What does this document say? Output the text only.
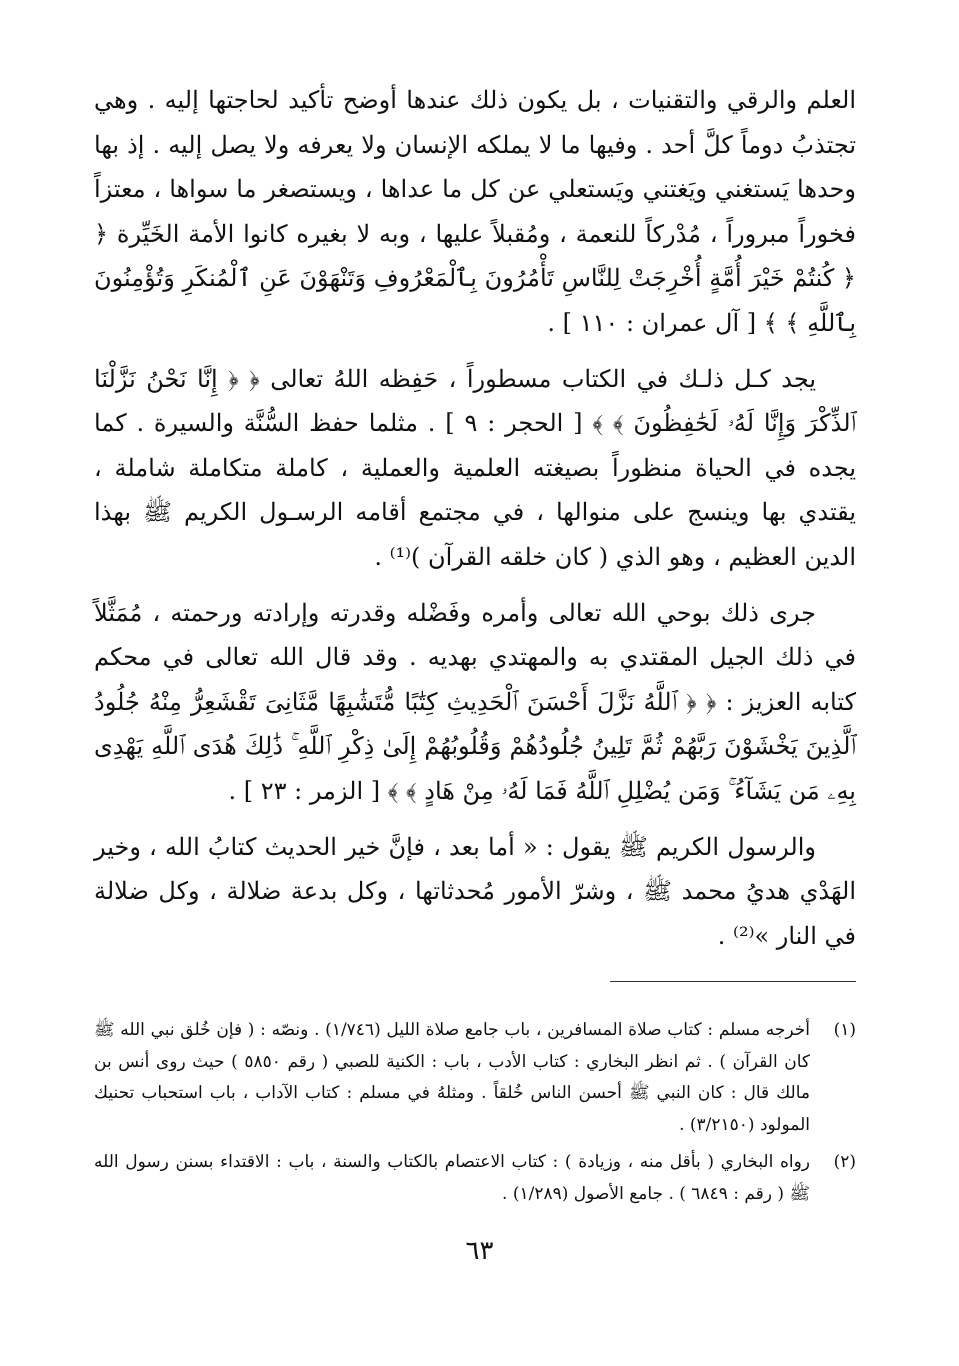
العلم والرقي والتقنيات ، بل يكون ذلك عندها أوضح تأكيد لحاجتها إليه . وهي تجتذبُ دوماً كلَّ أحد . وفيها ما لا يملكه الإنسان ولا يعرفه ولا يصل إليه . إذ بها وحدها يَستغني ويَغتني ويَستعلي عن كل ما عداها ، ويستصغر ما سواها ، معتزاً فخوراً مبروراً ، مُدْركاً للنعمة ، ومُقبلاً عليها ، وبه لا بغيره كانوا الأمة الخَيِّرة ﴿ ﴿ كُنتُمْ خَيْرَ أُمَّةٍ أُخْرِجَتْ لِلنَّاسِ تَأْمُرُونَ بِٱلْمَعْرُوفِ وَتَنْهَوْنَ عَنِ ٱلْمُنكَرِ وَتُؤْمِنُونَ بِٱللَّهِ ﴾ ﴾ [ آل عمران : ١١٠ ] .

يجد كـل ذلـك في الكتاب مسطوراً ، حَفِظه اللهُ تعالى ﴿ ﴿ إِنَّا نَحْنُ نَزَّلْنَا ٱلذِّكْرَ وَإِنَّا لَهُۥ لَحَٰفِظُونَ ﴾ ﴾ [ الحجر : ٩ ] . مثلما حفظ السُّنَّة والسيرة . كما يجده في الحياة منظوراً بصيغته العلمية والعملية ، كاملة متكاملة شاملة ، يقتدي بها وينسج على منوالها ، في مجتمع أقامه الرسـول الكريم ﷺ بهذا الدين العظيم ، وهو الذي ( كان خلقه القرآن )⁽¹⁾ .

جرى ذلك بوحي الله تعالى وأمره وفَضْله وقدرته وإرادته ورحمته ، مُمَثَّلاً في ذلك الجيل المقتدي به والمهتدي بهديه . وقد قال الله تعالى في محكم كتابه العزيز : ﴿ ﴿ ٱللَّهُ نَزَّلَ أَحْسَنَ ٱلْحَدِيثِ كِتَٰبًا مُّتَشَٰبِهًا مَّثَانِىَ تَقْشَعِرُّ مِنْهُ جُلُودُ ٱلَّذِينَ يَخْشَوْنَ رَبَّهُمْ ثُمَّ تَلِينُ جُلُودُهُمْ وَقُلُوبُهُمْ إِلَىٰ ذِكْرِ ٱللَّهِ ۚ ذَٰلِكَ هُدَى ٱللَّهِ يَهْدِى بِهِۦ مَن يَشَآءُ ۚ وَمَن يُضْلِلِ ٱللَّهُ فَمَا لَهُۥ مِنْ هَادٍ ﴾ ﴾ [ الزمر : ٢٣ ] .

والرسول الكريم ﷺ يقول : « أما بعد ، فإنَّ خير الحديث كتابُ الله ، وخير الهَدْي هديُ محمد ﷺ ، وشرّ الأمور مُحدثاتها ، وكل بدعة ضلالة ، وكل ضلالة في النار »⁽²⁾ .

(١)
أخرجه مسلم : كتاب صلاة المسافرين ، باب جامع صلاة الليل (١/٧٤٦) . ونصّه : ( فإن خُلق نبي الله ﷺ كان القرآن ) . ثم انظر البخاري : كتاب الأدب ، باب : الكنية للصبي ( رقم ٥٨٥٠ ) حيث روى أنس بن مالك قال : كان النبي ﷺ أحسن الناس خُلقاً . ومثلهُ في مسلم : كتاب الآداب ، باب استحباب تحنيك المولود (٣/٢١٥٠) .
(٢)
رواه البخاري ( بأقل منه ، وزيادة ) : كتاب الاعتصام بالكتاب والسنة ، باب : الاقتداء بسنن رسول الله ﷺ ( رقم : ٦٨٤٩ ) . جامع الأصول (١/٢٨٩) .
٦٣
